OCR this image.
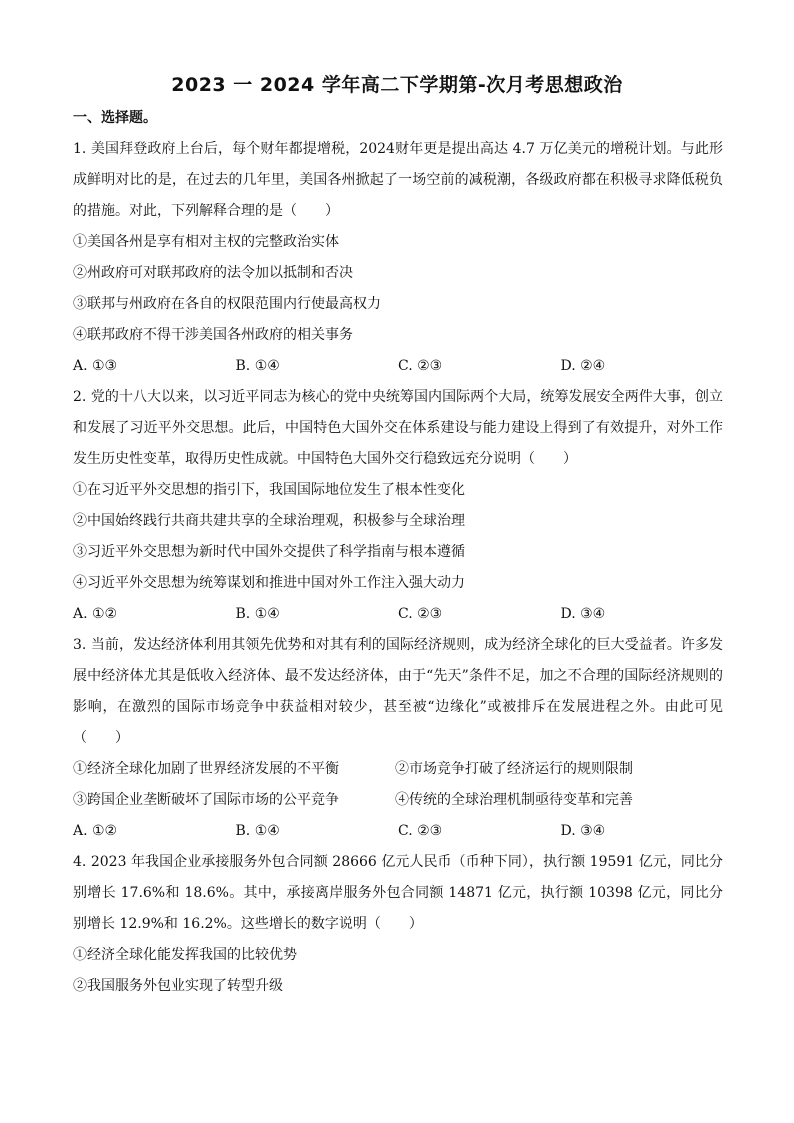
2023 一 2024 学年高二下学期第-次月考思想政治
一、选择题。

1. 美国拜登政府上台后，每个财年都提增税，2024财年更是提出高达 4.7 万亿美元的增税计划。与此形成鲜明对比的是，在过去的几年里，美国各州掀起了一场空前的减税潮，各级政府都在积极寻求降低税负的措施。对此，下列解释合理的是（　　）

①美国各州是享有相对主权的完整政治实体

②州政府可对联邦政府的法令加以抵制和否决

③联邦与州政府在各自的权限范围内行使最高权力

④联邦政府不得干涉美国各州政府的相关事务

A. ①③	B. ①④	C. ②③	D. ②④

2. 党的十八大以来，以习近平同志为核心的党中央统筹国内国际两个大局，统筹发展安全两件大事，创立和发展了习近平外交思想。此后，中国特色大国外交在体系建设与能力建设上得到了有效提升，对外工作发生历史性变革，取得历史性成就。中国特色大国外交行稳致远充分说明（　　）

①在习近平外交思想的指引下，我国国际地位发生了根本性变化

②中国始终践行共商共建共享的全球治理观，积极参与全球治理

③习近平外交思想为新时代中国外交提供了科学指南与根本遵循

④习近平外交思想为统筹谋划和推进中国对外工作注入强大动力

A. ①②	B. ①④	C. ②③	D. ③④

3. 当前，发达经济体利用其领先优势和对其有利的国际经济规则，成为经济全球化的巨大受益者。许多发展中经济体尤其是低收入经济体、最不发达经济体，由于“先天”条件不足，加之不合理的国际经济规则的影响，在激烈的国际市场竞争中获益相对较少，甚至被“边缘化”或被排斥在发展进程之外。由此可见（　　）

①经济全球化加剧了世界经济发展的不平衡	②市场竞争打破了经济运行的规则限制
③跨国企业垄断破坏了国际市场的公平竞争	④传统的全球治理机制亟待变革和完善
A. ①②	B. ①④	C. ②③	D. ③④

4. 2023 年我国企业承接服务外包合同额 28666 亿元人民币（币种下同），执行额 19591 亿元，同比分别增长 17.6%和 18.6%。其中，承接离岸服务外包合同额 14871 亿元，执行额 10398 亿元，同比分别增长 12.9%和 16.2%。这些增长的数字说明（　　）

①经济全球化能发挥我国的比较优势

②我国服务外包业实现了转型升级
